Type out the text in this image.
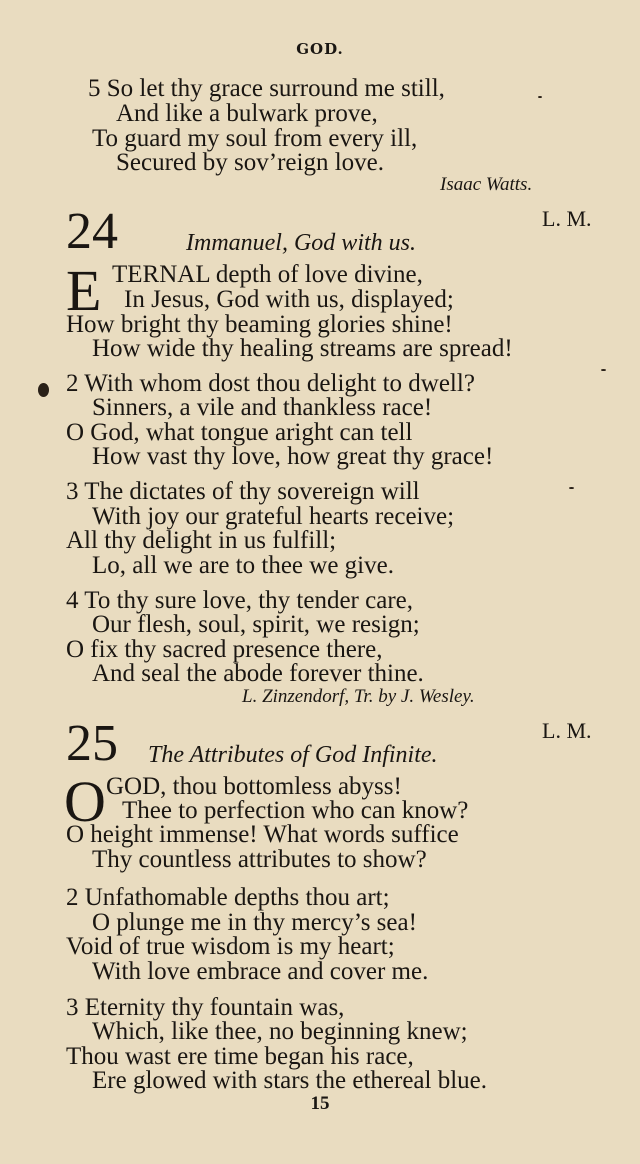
GOD.
5 So let thy grace surround me still,
And like a bulwark prove,
To guard my soul from every ill,
Secured by sov’reign love.
Isaac Watts.
24	L. M.
Immanuel, God with us.
E TERNAL depth of love divine,
In Jesus, God with us, displayed;
How bright thy beaming glories shine!
How wide thy healing streams are spread!
2 With whom dost thou delight to dwell?
Sinners, a vile and thankless race!
O God, what tongue aright can tell
How vast thy love, how great thy grace!
3 The dictates of thy sovereign will
With joy our grateful hearts receive;
All thy delight in us fulfill;
Lo, all we are to thee we give.
4 To thy sure love, thy tender care,
Our flesh, soul, spirit, we resign;
O fix thy sacred presence there,
And seal the abode forever thine.
L. Zinzendorf, Tr. by J. Wesley.
25	L. M.
The Attributes of God Infinite.
O GOD, thou bottomless abyss!
Thee to perfection who can know?
O height immense! What words suffice
Thy countless attributes to show?
2 Unfathomable depths thou art;
O plunge me in thy mercy’s sea!
Void of true wisdom is my heart;
With love embrace and cover me.
3 Eternity thy fountain was,
Which, like thee, no beginning knew;
Thou wast ere time began his race,
Ere glowed with stars the ethereal blue.
15
